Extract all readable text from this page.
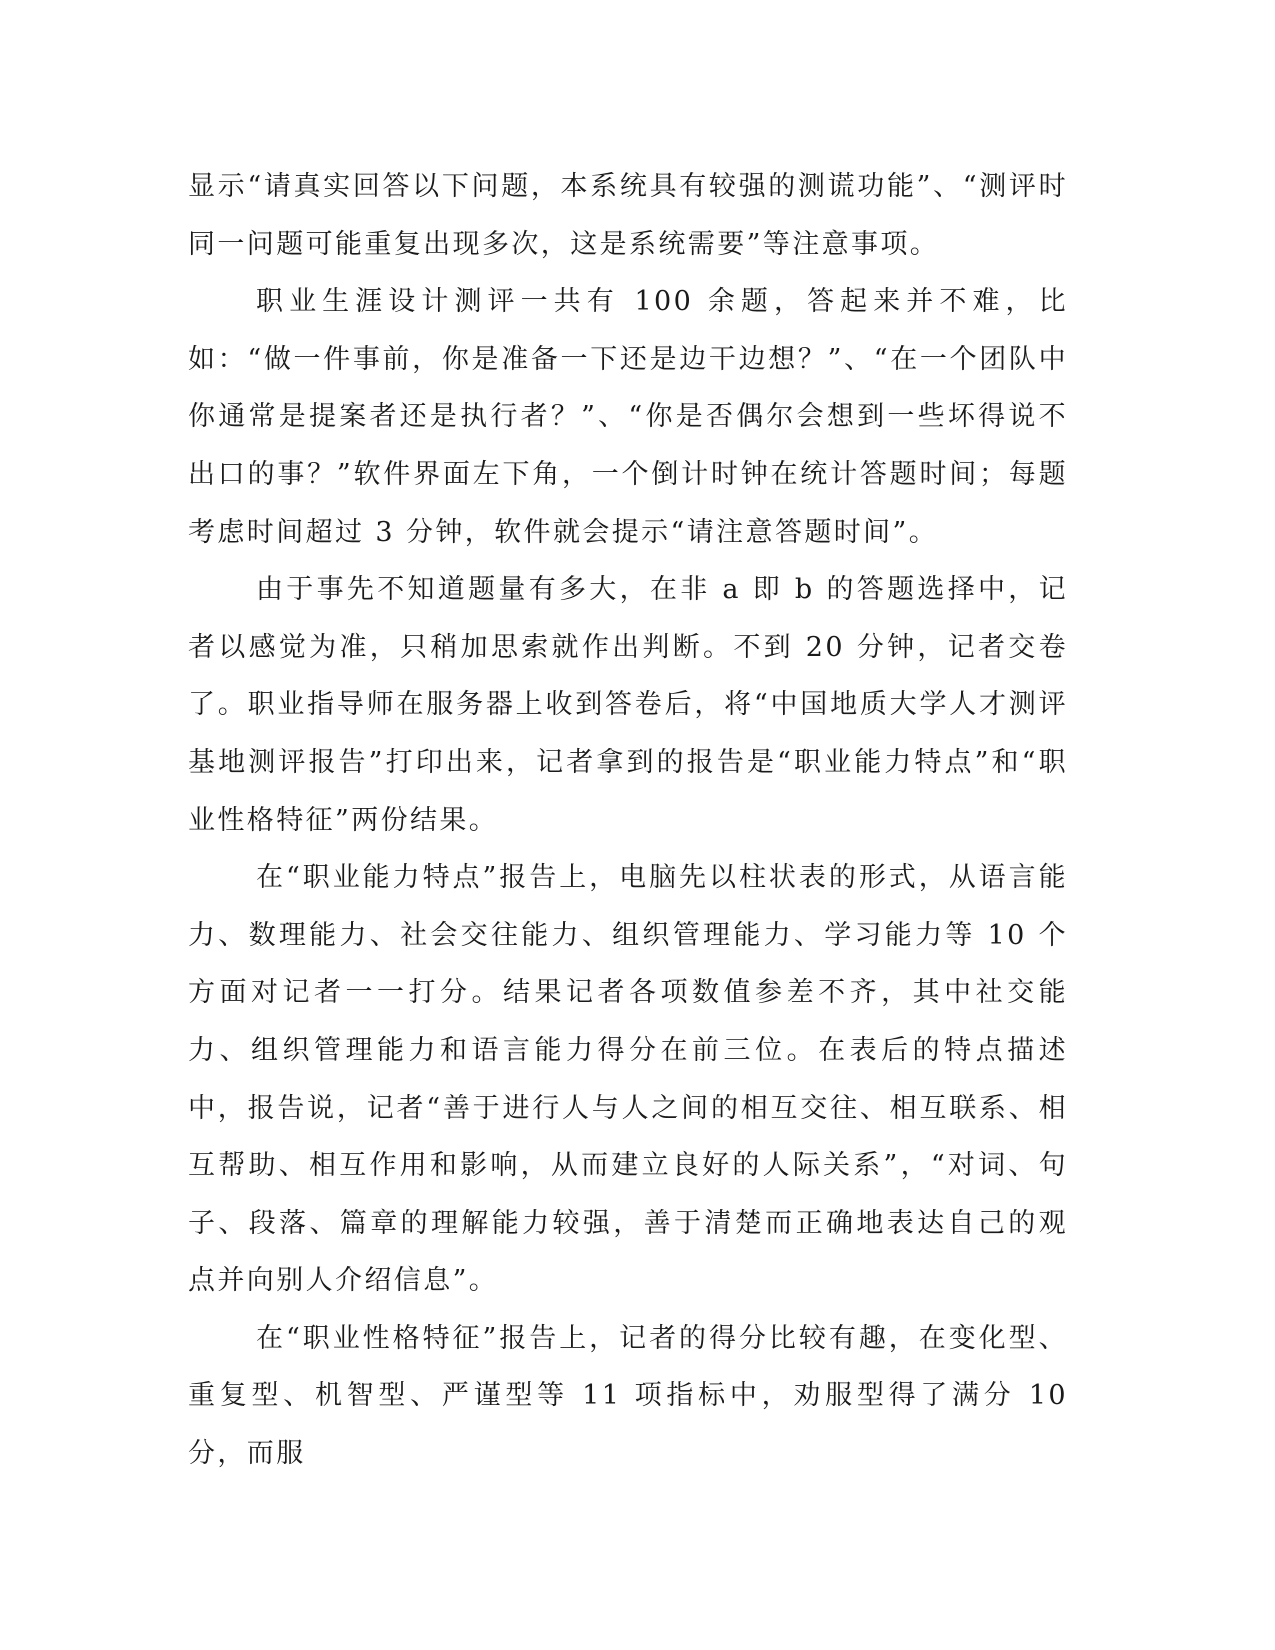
显示“请真实回答以下问题，本系统具有较强的测谎功能”、“测评时同一问题可能重复出现多次，这是系统需要”等注意事项。

职业生涯设计测评一共有 100 余题，答起来并不难，比如：“做一件事前，你是准备一下还是边干边想？”、“在一个团队中你通常是提案者还是执行者？”、“你是否偶尔会想到一些坏得说不出口的事？”软件界面左下角，一个倒计时钟在统计答题时间；每题考虑时间超过 3 分钟，软件就会提示“请注意答题时间”。

由于事先不知道题量有多大，在非 a 即 b 的答题选择中，记者以感觉为准，只稍加思索就作出判断。不到 20 分钟，记者交卷了。职业指导师在服务器上收到答卷后，将“中国地质大学人才测评基地测评报告”打印出来，记者拿到的报告是“职业能力特点”和“职业性格特征”两份结果。

在“职业能力特点”报告上，电脑先以柱状表的形式，从语言能力、数理能力、社会交往能力、组织管理能力、学习能力等 10 个方面对记者一一打分。结果记者各项数值参差不齐，其中社交能力、组织管理能力和语言能力得分在前三位。在表后的特点描述中，报告说，记者“善于进行人与人之间的相互交往、相互联系、相互帮助、相互作用和影响，从而建立良好的人际关系”，“对词、句子、段落、篇章的理解能力较强，善于清楚而正确地表达自己的观点并向别人介绍信息”。

在“职业性格特征”报告上，记者的得分比较有趣，在变化型、重复型、机智型、严谨型等 11 项指标中，劝服型得了满分 10 分，而服
